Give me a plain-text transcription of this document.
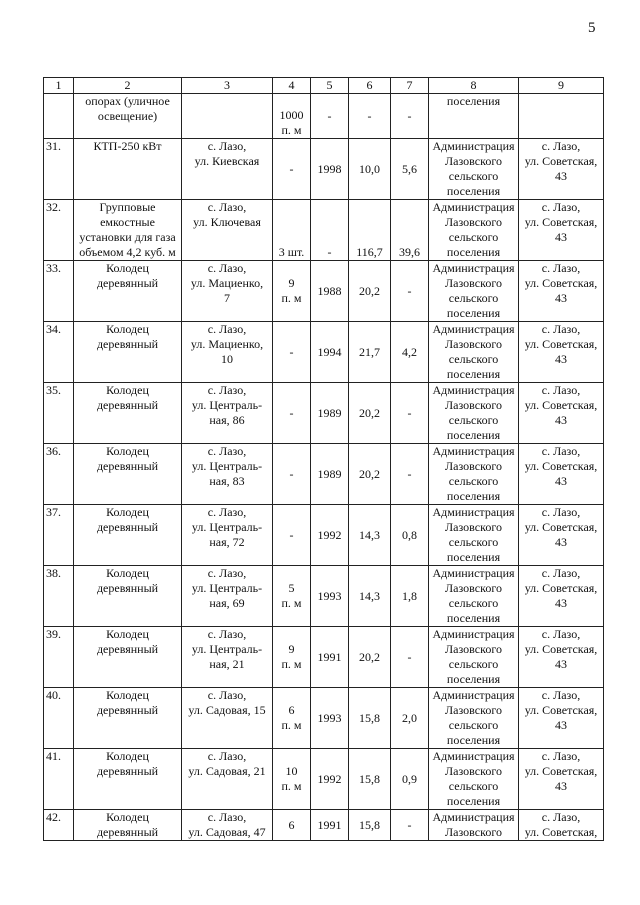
5
1	2	3	4	5	6	7	8	9
	опорах (уличное
освещение)		1000
п. м	-	-	-	поселения	
31.	КТП-250 кВт	с. Лазо,
ул. Киевская	-	1998	10,0	5,6	Администрация
Лазовского
сельского
поселения	с. Лазо,
ул. Советская,
43
32.	Групповые
емкостные
установки для газа
объемом 4,2 куб. м	с. Лазо,
ул. Ключевая	3 шт.	-	116,7	39,6	Администрация
Лазовского
сельского
поселения	с. Лазо,
ул. Советская,
43
33.	Колодец
деревянный	с. Лазо,
ул. Мациенко,
7	9
п. м	1988	20,2	-	Администрация
Лазовского
сельского
поселения	с. Лазо,
ул. Советская,
43
34.	Колодец
деревянный	с. Лазо,
ул. Мациенко,
10	-	1994	21,7	4,2	Администрация
Лазовского
сельского
поселения	с. Лазо,
ул. Советская,
43
35.	Колодец
деревянный	с. Лазо,
ул. Централь-
ная, 86	-	1989	20,2	-	Администрация
Лазовского
сельского
поселения	с. Лазо,
ул. Советская,
43
36.	Колодец
деревянный	с. Лазо,
ул. Централь-
ная, 83	-	1989	20,2	-	Администрация
Лазовского
сельского
поселения	с. Лазо,
ул. Советская,
43
37.	Колодец
деревянный	с. Лазо,
ул. Централь-
ная, 72	-	1992	14,3	0,8	Администрация
Лазовского
сельского
поселения	с. Лазо,
ул. Советская,
43
38.	Колодец
деревянный	с. Лазо,
ул. Централь-
ная, 69	5
п. м	1993	14,3	1,8	Администрация
Лазовского
сельского
поселения	с. Лазо,
ул. Советская,
43
39.	Колодец
деревянный	с. Лазо,
ул. Централь-
ная, 21	9
п. м	1991	20,2	-	Администрация
Лазовского
сельского
поселения	с. Лазо,
ул. Советская,
43
40.	Колодец
деревянный	с. Лазо,
ул. Садовая, 15	6
п. м	1993	15,8	2,0	Администрация
Лазовского
сельского
поселения	с. Лазо,
ул. Советская,
43
41.	Колодец
деревянный	с. Лазо,
ул. Садовая, 21	10
п. м	1992	15,8	0,9	Администрация
Лазовского
сельского
поселения	с. Лазо,
ул. Советская,
43
42.	Колодец
деревянный	с. Лазо,
ул. Садовая, 47	6	1991	15,8	-	Администрация
Лазовского	с. Лазо,
ул. Советская,
